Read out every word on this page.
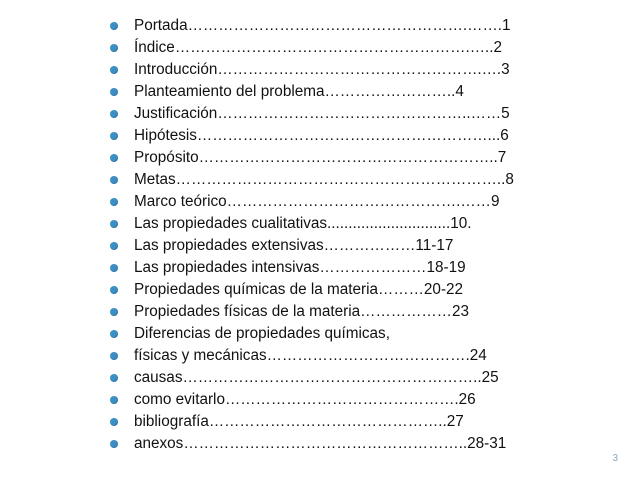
Portada……………………………………………….…….1
Índice………………………………………………….…..2
Introducción…………………………………………….….3
Planteamiento del problema……………………..4
Justificación…………………………………………..……5
Hipótesis…………………………………………………...6
Propósito…………………………………………………..7
Metas………………………………………………………..8
Marco teórico……………………………………….……9
Las propiedades cualitativas.............................10.
Las propiedades extensivas………………11-17
Las propiedades intensivas…………………18-19
Propiedades químicas de la materia………20-22
Propiedades físicas de la materia………………23
Diferencias de propiedades químicas,
físicas y mecánicas………………………………….24
causas…………………………………………………..25
como evitarlo……………………………………….26
bibliografía………………………………………..27
anexos………………………………………………..28-31
3
